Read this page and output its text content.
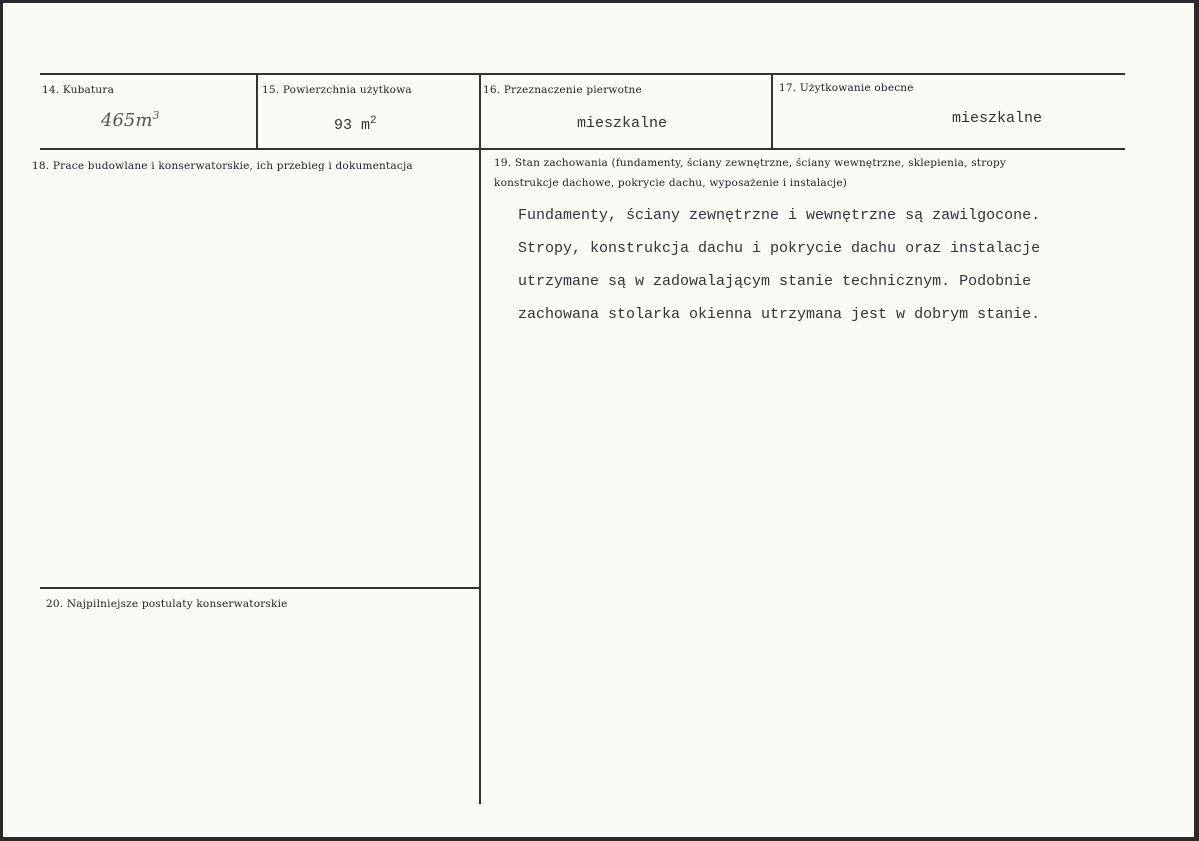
14. Kubatura
$465m^3$
15. Powierzchnia użytkowa
93 $m^2$
16. Przeznaczenie pierwotne
mieszkalne
17. Użytkowanie obecne
mieszkalne
18. Prace budowlane i konserwatorskie, ich przebieg i dokumentacja	19. Stan zachowania (fundamenty, ściany zewnętrzne, ściany wewnętrzne, sklepienia, stropy
konstrukcje dachowe, pokrycie dachu, wyposażenie i instalacje)
Fundamenty, ściany zewnętrzne i wewnętrzne są zawilgocone.
Stropy, konstrukcja dachu i pokrycie dachu oraz instalacje
utrzymane są w zadowalającym stanie technicznym. Podobnie
zachowana stolarka okienna utrzymana jest w dobrym stanie.
20. Najpilniejsze postulaty konserwatorskie
